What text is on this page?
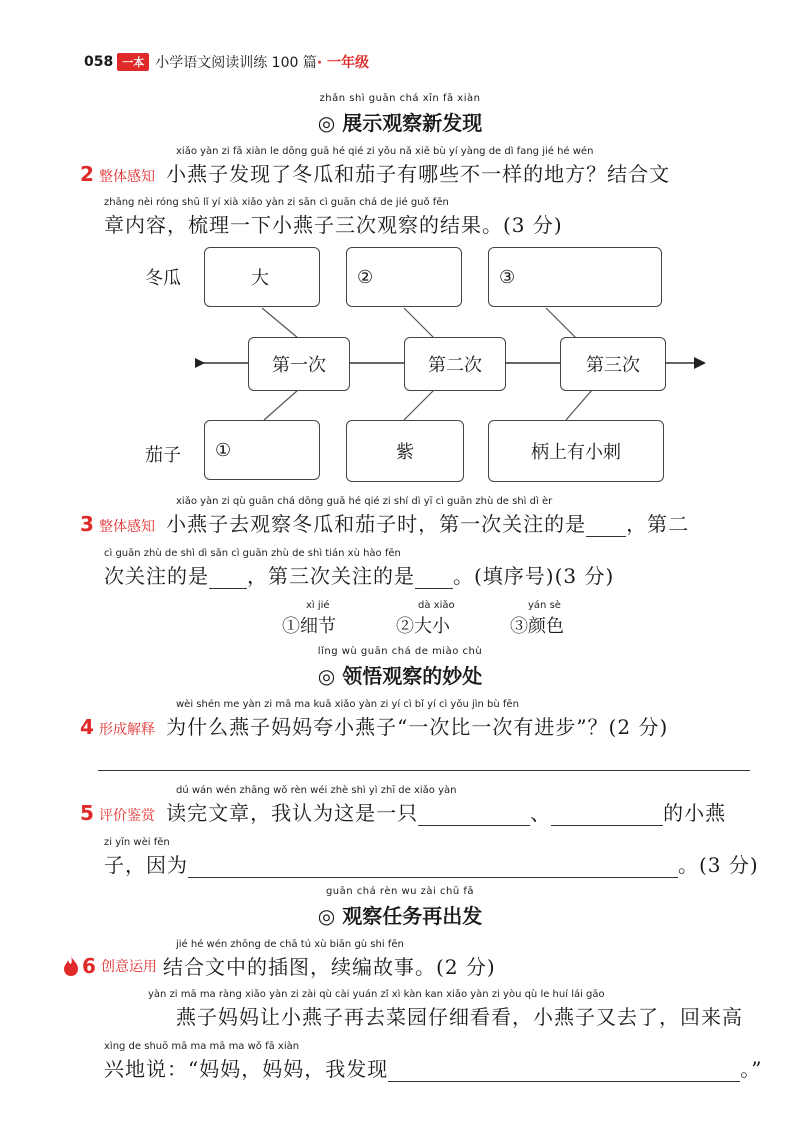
058 一本 小学语文阅读训练 100 篇 · 一年级
zhǎn shì guān chá xīn fā xiàn
◎ 展示观察新发现
xiǎo yàn zi fā xiàn le dōng guā hé qié zi yǒu nǎ xiē bù yí yàng de dì fang jié hé wén
2 整体感知 小燕子发现了冬瓜和茄子有哪些不一样的地方？结合文
zhāng nèi róng shū lǐ yí xià xiǎo yàn zi sān cì guān chá de jié guǒ fēn
章内容，梳理一下小燕子三次观察的结果。(3 分)
冬瓜
茄子
大	②	③
第一次	第二次	第三次
①	紫	柄上有小刺
xiǎo yàn zi qù guān chá dōng guā hé qié zi shí dì yī cì guān zhù de shì dì èr
3 整体感知 小燕子去观察冬瓜和茄子时，第一次关注的是 ，第二
cì guān zhù de shì dì sān cì guān zhù de shì tián xù hào fēn
次关注的是 ，第三次关注的是 。(填序号)(3 分)
xì jié	dà xiǎo	yán sè
①细节	②大小	③颜色
lǐng wù guān chá de miào chù
◎ 领悟观察的妙处
wèi shén me yàn zi mā ma kuā xiǎo yàn zi yí cì bǐ yí cì yǒu jìn bù fēn
4 形成解释 为什么燕子妈妈夸小燕子“一次比一次有进步”？(2 分)
dú wán wén zhāng wǒ rèn wéi zhè shì yì zhī de xiǎo yàn
5 评价鉴赏 读完文章，我认为这是一只	、	的小燕
zi yīn wèi fēn
子，因为	。(3 分)
guān chá rèn wu zài chū fā
◎ 观察任务再出发
jié hé wén zhōng de chā tú xù biān gù shi fēn
6
创意运用 结合文中的插图，续编故事。(2 分)
yàn zi mā ma ràng xiǎo yàn zi zài qù cài yuán zǐ xì kàn kan xiǎo yàn zi yòu qù le huí lái gāo
燕子妈妈让小燕子再去菜园仔细看看，小燕子又去了，回来高
xìng de shuō mā ma mā ma wǒ fā xiàn
兴地说：“妈妈，妈妈，我发现	。”
